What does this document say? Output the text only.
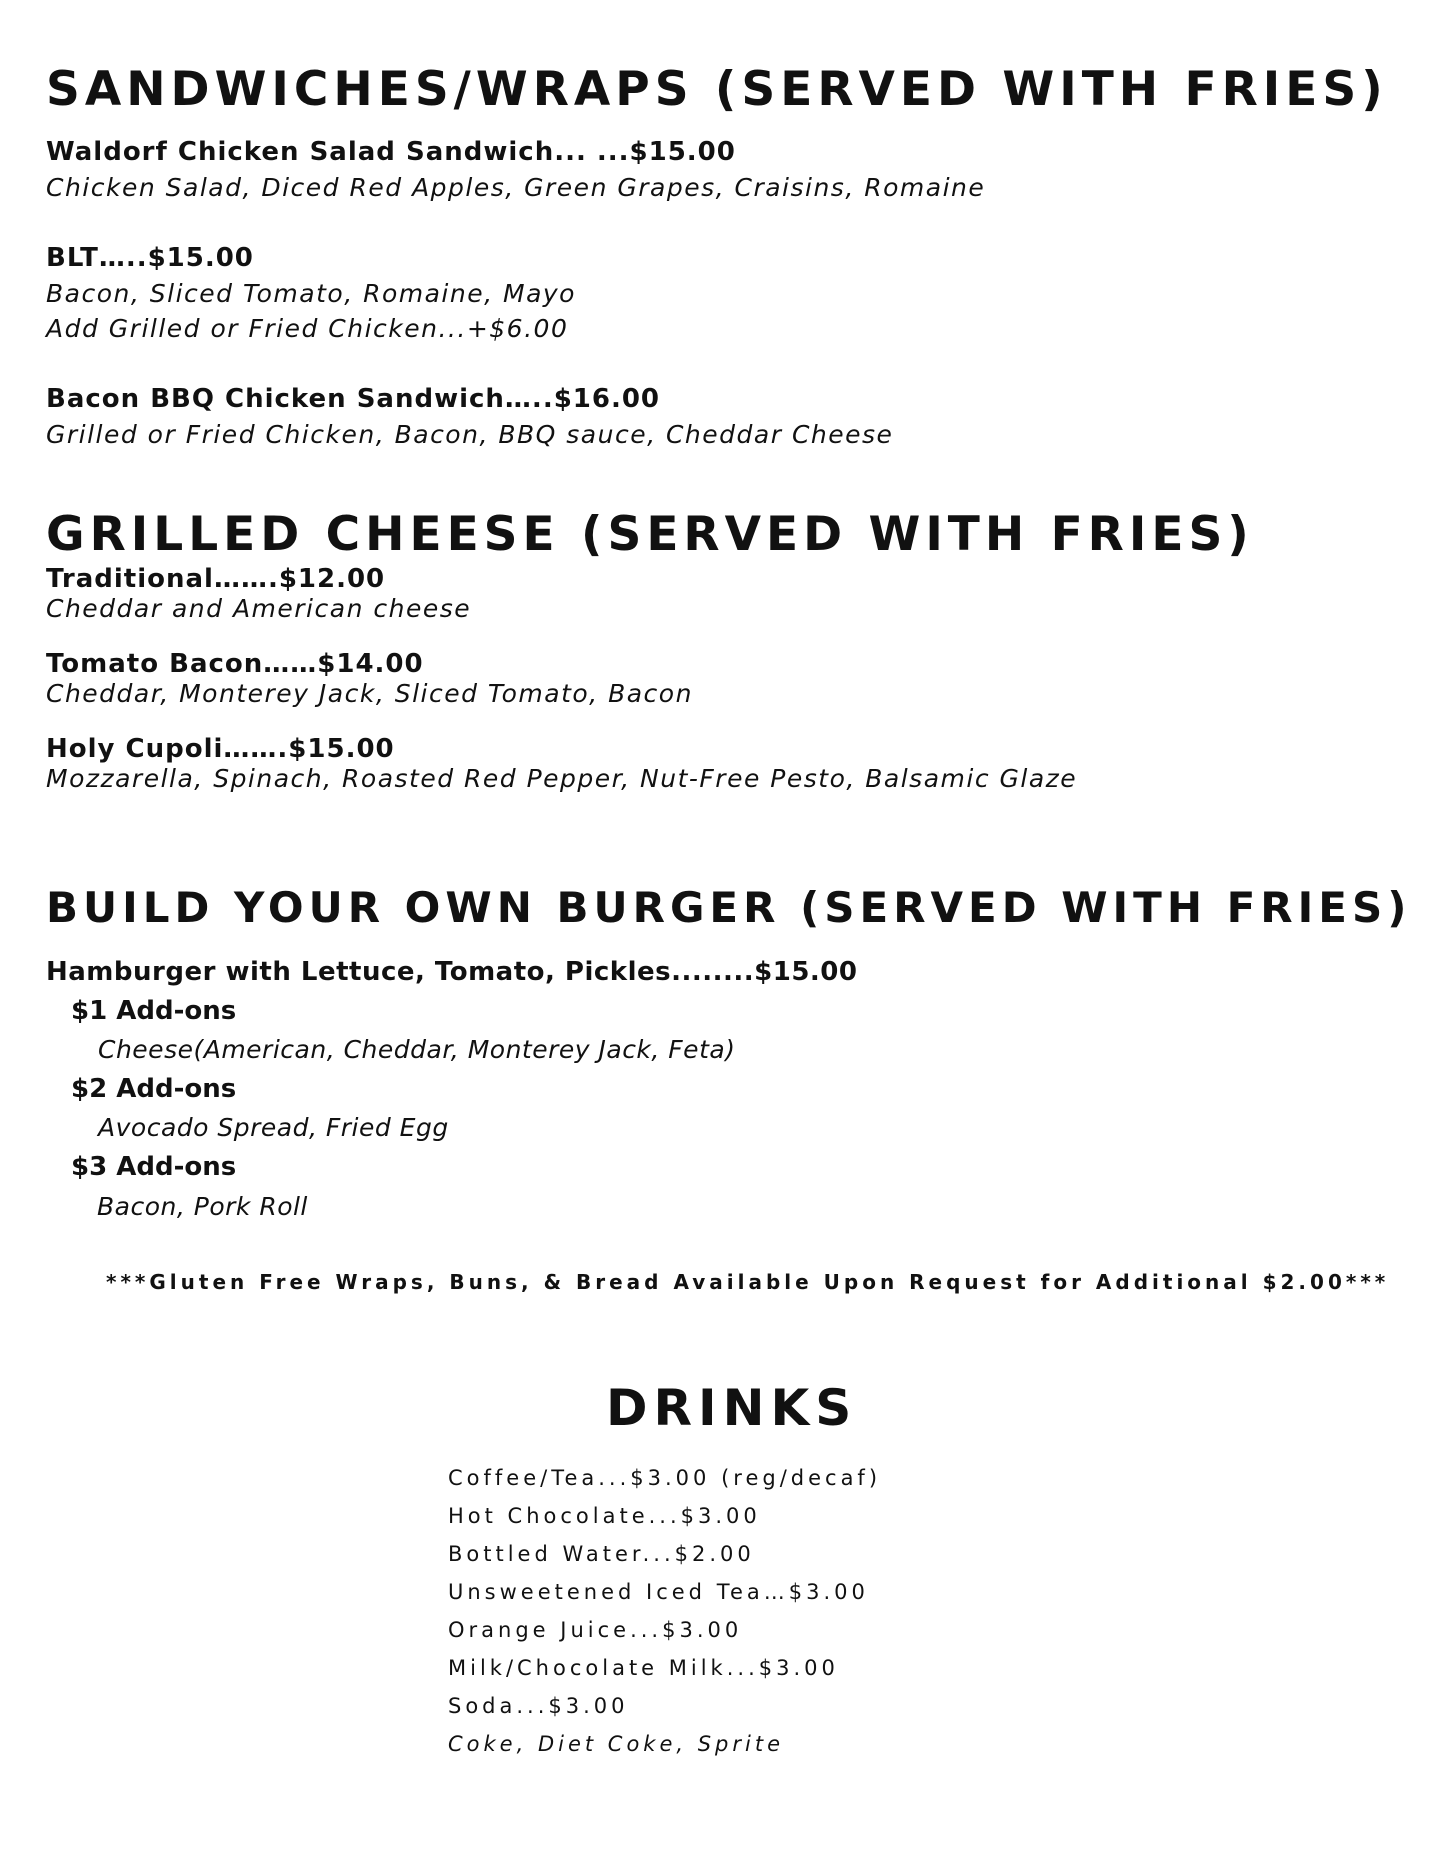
SANDWICHES/WRAPS (SERVED WITH FRIES)
Waldorf Chicken Salad Sandwich... ...$15.00
Chicken Salad, Diced Red Apples, Green Grapes, Craisins, Romaine
BLT…..$15.00
Bacon, Sliced Tomato, Romaine, Mayo
Add Grilled or Fried Chicken...+$6.00
Bacon BBQ Chicken Sandwich…..$16.00
Grilled or Fried Chicken, Bacon, BBQ sauce, Cheddar Cheese
GRILLED CHEESE (SERVED WITH FRIES)
Traditional…….$12.00
Cheddar and American cheese
Tomato Bacon……$14.00
Cheddar, Monterey Jack, Sliced Tomato, Bacon
Holy Cupoli…….$15.00
Mozzarella, Spinach, Roasted Red Pepper, Nut-Free Pesto, Balsamic Glaze
BUILD YOUR OWN BURGER (SERVED WITH FRIES)
Hamburger with Lettuce, Tomato, Pickles........$15.00
$1 Add-ons
Cheese(American, Cheddar, Monterey Jack, Feta)
$2 Add-ons
Avocado Spread, Fried Egg
$3 Add-ons
Bacon, Pork Roll
***Gluten Free Wraps, Buns, & Bread Available Upon Request for Additional $2.00***
DRINKS
Coffee/Tea...$3.00 (reg/decaf)
Hot Chocolate...$3.00
Bottled Water...$2.00
Unsweetened Iced Tea…$3.00
Orange Juice...$3.00
Milk/Chocolate Milk...$3.00
Soda...$3.00
Coke, Diet Coke, Sprite
